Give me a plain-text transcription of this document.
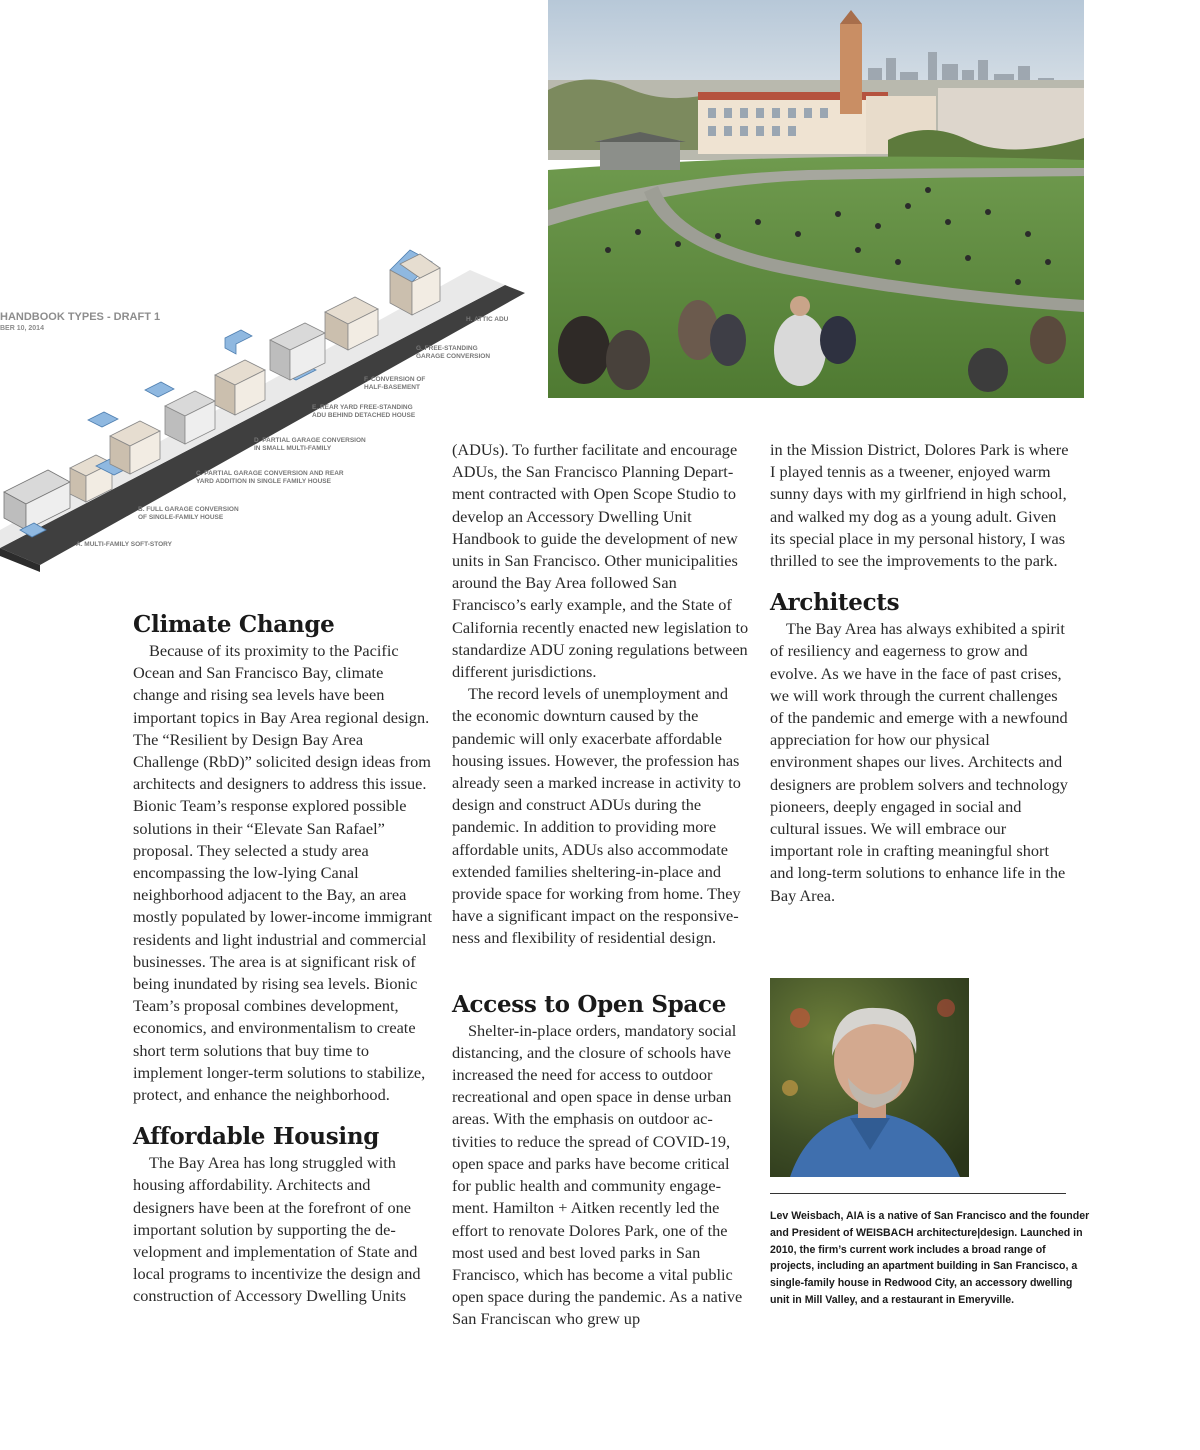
HANDBOOK TYPES - DRAFT 1
BER 10, 2014
A. MULTI-FAMILY SOFT-STORY
B. FULL GARAGE CONVERSION
OF SINGLE-FAMILY HOUSE
C. PARTIAL GARAGE CONVERSION AND REAR
YARD ADDITION IN SINGLE FAMILY HOUSE
D. PARTIAL GARAGE CONVERSION
IN SMALL MULTI-FAMILY
E. REAR YARD FREE-STANDING
ADU BEHIND DETACHED HOUSE
F. CONVERSION OF
HALF-BASEMENT
G. FREE-STANDING
GARAGE CONVERSION
H. ATTIC ADU
Climate Change

Because of its proximity to the Pacific Ocean and San Francisco Bay, climate change and rising sea levels have been important topics in Bay Area regional design. The “Resilient by Design Bay Area Challenge (RbD)” solicited design ideas from architects and designers to address this issue. Bionic Team’s response explored possible solutions in their “Elevate San Rafael” proposal. They selected a study area encompassing the low-lying Canal neighborhood adjacent to the Bay, an area mostly populated by lower-income immigrant residents and light industrial and commercial businesses. The area is at significant risk of being inundated by rising sea levels. Bionic Team’s proposal combines development, economics, and environmentalism to create short term solutions that buy time to implement longer-term solutions to stabilize, protect, and enhance the neighborhood.

Affordable Housing

The Bay Area has long struggled with housing affordability. Architects and designers have been at the forefront of one important solution by supporting the development and implementation of State and local programs to incentivize the design and construction of Accessory Dwelling Units

(ADUs). To further facilitate and encourage ADUs, the San Francisco Planning Department contracted with Open Scope Studio to develop an Accessory Dwelling Unit Handbook to guide the development of new units in San Francisco. Other municipalities around the Bay Area followed San Francisco’s early example, and the State of California recently enacted new legislation to standardize ADU zoning regulations between different jurisdictions.

The record levels of unemployment and the economic downturn caused by the pandemic will only exacerbate affordable housing issues. However, the profession has already seen a marked increase in activity to design and construct ADUs during the pandemic. In addition to providing more affordable units, ADUs also accommodate extended families sheltering-in-place and provide space for working from home. They have a significant impact on the responsiveness and flexibility of residential design.

Access to Open Space

Shelter-in-place orders, mandatory social distancing, and the closure of schools have increased the need for access to outdoor recreational and open space in dense urban areas. With the emphasis on outdoor activities to reduce the spread of COVID-19, open space and parks have become critical for public health and community engagement. Hamilton + Aitken recently led the effort to renovate Dolores Park, one of the most used and best loved parks in San Francisco, which has become a vital public open space during the pandemic. As a native San Franciscan who grew up

in the Mission District, Dolores Park is where I played tennis as a tweener, enjoyed warm sunny days with my girlfriend in high school, and walked my dog as a young adult. Given its special place in my personal history, I was thrilled to see the improvements to the park.

Architects

The Bay Area has always exhibited a spirit of resiliency and eagerness to grow and evolve. As we have in the face of past crises, we will work through the current challenges of the pandemic and emerge with a newfound appreciation for how our physical environment shapes our lives. Architects and designers are problem solvers and technology pioneers, deeply engaged in social and cultural issues. We will embrace our important role in crafting meaningful short and long-term solutions to enhance life in the Bay Area.

Lev Weisbach, AIA is a native of San Francisco and the founder and President of WEISBACH architecture|design. Launched in 2010, the firm’s current work includes a broad range of projects, including an apartment building in San Francisco, a single-family house in Redwood City, an accessory dwelling unit in Mill Valley, and a restaurant in Emeryville.
